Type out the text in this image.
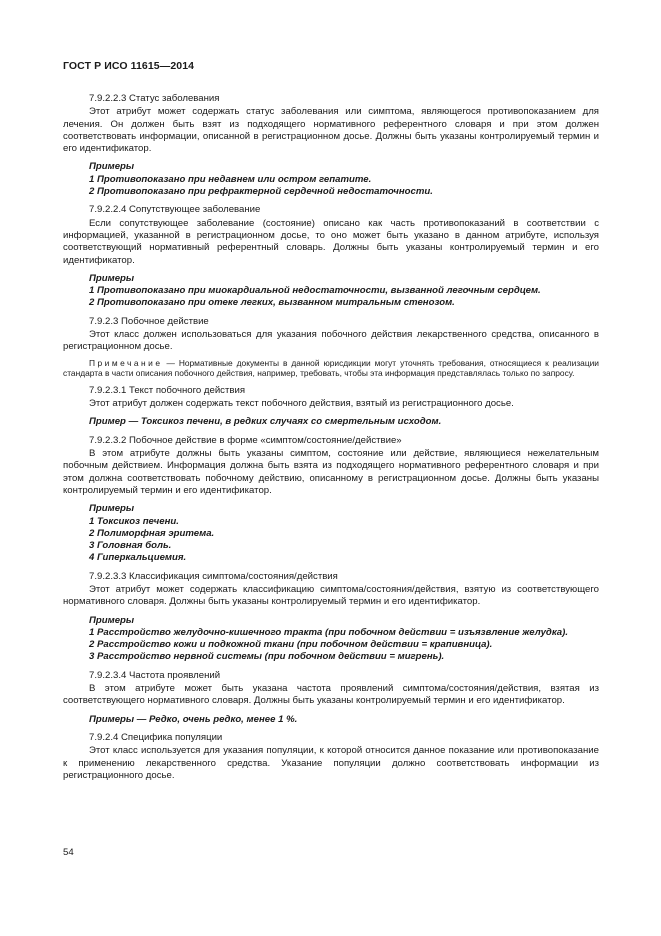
ГОСТ Р ИСО 11615—2014

7.9.2.2.3 Статус заболевания

Этот атрибут может содержать статус заболевания или симптома, являющегося противопоказанием для лечения. Он должен быть взят из подходящего нормативного референтного словаря и при этом должен соответствовать информации, описанной в регистрационном досье. Должны быть указаны контролируемый термин и его идентификатор.

Примеры

1 Противопоказано при недавнем или остром гепатите.

2 Противопоказано при рефрактерной сердечной недостаточности.

7.9.2.2.4 Сопутствующее заболевание

Если сопутствующее заболевание (состояние) описано как часть противопоказаний в соответствии с информацией, указанной в регистрационном досье, то оно может быть указано в данном атрибуте, используя соответствующий нормативный референтный словарь. Должны быть указаны контролируемый термин и его идентификатор.

Примеры

1 Противопоказано при миокардиальной недостаточности, вызванной легочным сердцем.

2 Противопоказано при отеке легких, вызванном митральным стенозом.

7.9.2.3 Побочное действие

Этот класс должен использоваться для указания побочного действия лекарственного средства, описанного в регистрационном досье.

Примечание — Нормативные документы в данной юрисдикции могут уточнять требования, относящиеся к реализации стандарта в части описания побочного действия, например, требовать, чтобы эта информация представлялась только по запросу.

7.9.2.3.1 Текст побочного действия

Этот атрибут должен содержать текст побочного действия, взятый из регистрационного досье.

Пример — Токсикоз печени, в редких случаях со смертельным исходом.

7.9.2.3.2 Побочное действие в форме «симптом/состояние/действие»

В этом атрибуте должны быть указаны симптом, состояние или действие, являющиеся нежелательным побочным действием. Информация должна быть взята из подходящего нормативного референтного словаря и при этом должна соответствовать побочному действию, описанному в регистрационном досье. Должны быть указаны контролируемый термин и его идентификатор.

Примеры

1 Токсикоз печени.

2 Полиморфная эритема.

3 Головная боль.

4 Гиперкальциемия.

7.9.2.3.3 Классификация симптома/состояния/действия

Этот атрибут может содержать классификацию симптома/состояния/действия, взятую из соответствующего нормативного словаря. Должны быть указаны контролируемый термин и его идентификатор.

Примеры

1 Расстройство желудочно-кишечного тракта (при побочном действии = изъязвление желудка).

2 Расстройство кожи и подкожной ткани (при побочном действии = крапивница).

3 Расстройство нервной системы (при побочном действии = мигрень).

7.9.2.3.4 Частота проявлений

В этом атрибуте может быть указана частота проявлений симптома/состояния/действия, взятая из соответствующего нормативного словаря. Должны быть указаны контролируемый термин и его идентификатор.

Примеры — Редко, очень редко, менее 1 %.

7.9.2.4 Специфика популяции

Этот класс используется для указания популяции, к которой относится данное показание или противопоказание к применению лекарственного средства. Указание популяции должно соответствовать информации из регистрационного досье.

54
